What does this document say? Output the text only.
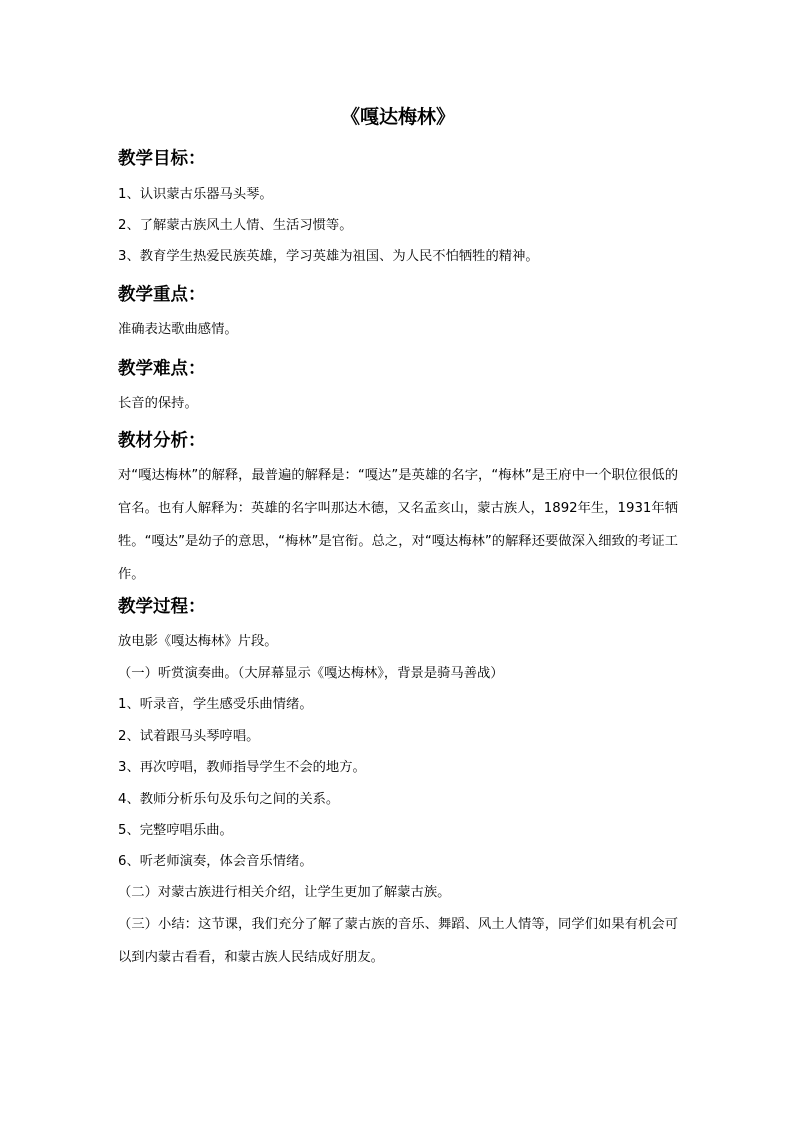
《嘎达梅林》
教学目标：
1、认识蒙古乐器马头琴。
2、了解蒙古族风土人情、生活习惯等。
3、教育学生热爱民族英雄，学习英雄为祖国、为人民不怕牺牲的精神。
教学重点：
准确表达歌曲感情。
教学难点：
长音的保持。
教材分析：
对“嘎达梅林”的解释，最普遍的解释是：“嘎达”是英雄的名字，“梅林”是王府中一个职位很低的官名。也有人解释为：英雄的名字叫那达木德，又名孟亥山，蒙古族人，1892年生，1931年牺牲。“嘎达”是幼子的意思，“梅林”是官衔。总之，对“嘎达梅林”的解释还要做深入细致的考证工作。
教学过程：
放电影《嘎达梅林》片段。
（一）听赏演奏曲。（大屏幕显示《嘎达梅林》，背景是骑马善战）
1、听录音，学生感受乐曲情绪。
2、试着跟马头琴哼唱。
3、再次哼唱，教师指导学生不会的地方。
4、教师分析乐句及乐句之间的关系。
5、完整哼唱乐曲。
6、听老师演奏，体会音乐情绪。
（二）对蒙古族进行相关介绍，让学生更加了解蒙古族。
（三）小结：这节课，我们充分了解了蒙古族的音乐、舞蹈、风土人情等，同学们如果有机会可以到内蒙古看看，和蒙古族人民结成好朋友。
